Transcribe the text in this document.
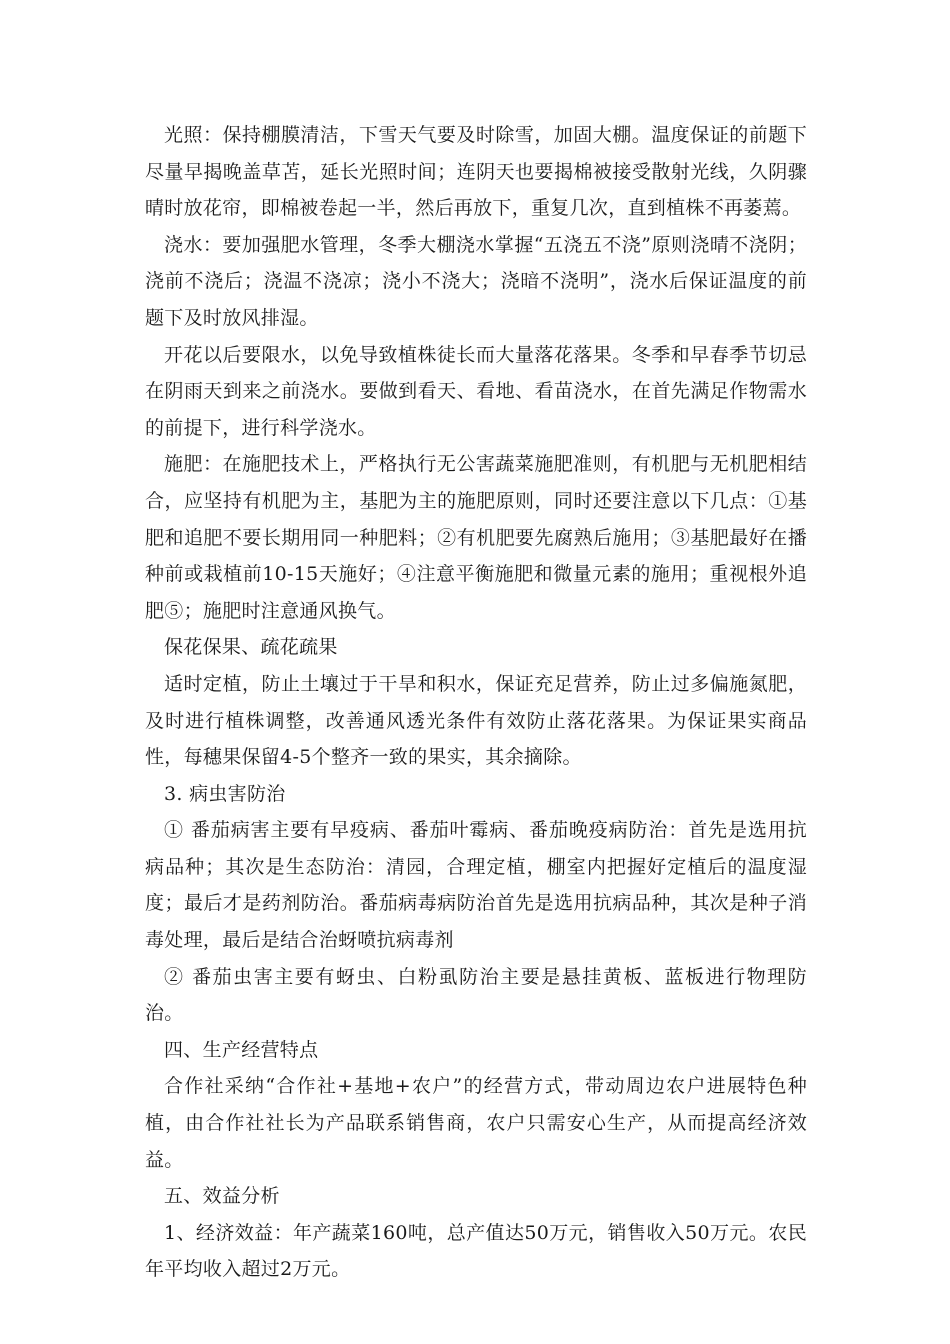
光照：保持棚膜清洁，下雪天气要及时除雪，加固大棚。温度保证的前题下尽量早揭晚盖草苫，延长光照时间；连阴天也要揭棉被接受散射光线，久阴骤晴时放花帘，即棉被卷起一半，然后再放下，重复几次，直到植株不再萎蔫。

浇水：要加强肥水管理，冬季大棚浇水掌握“五浇五不浇”原则浇晴不浇阴；浇前不浇后；浇温不浇凉；浇小不浇大；浇暗不浇明”，浇水后保证温度的前题下及时放风排湿。

开花以后要限水，以免导致植株徒长而大量落花落果。冬季和早春季节切忌在阴雨天到来之前浇水。要做到看天、看地、看苗浇水，在首先满足作物需水的前提下，进行科学浇水。

施肥：在施肥技术上，严格执行无公害蔬菜施肥准则，有机肥与无机肥相结合，应坚持有机肥为主，基肥为主的施肥原则，同时还要注意以下几点：①基肥和追肥不要长期用同一种肥料；②有机肥要先腐熟后施用；③基肥最好在播种前或栽植前10-15天施好；④注意平衡施肥和微量元素的施用；重视根外追肥⑤；施肥时注意通风换气。

保花保果、疏花疏果

适时定植，防止土壤过于干旱和积水，保证充足营养，防止过多偏施氮肥，及时进行植株调整，改善通风透光条件有效防止落花落果。为保证果实商品性，每穗果保留4-5个整齐一致的果实，其余摘除。

3. 病虫害防治

① 番茄病害主要有早疫病、番茄叶霉病、番茄晚疫病防治：首先是选用抗病品种；其次是生态防治：清园，合理定植，棚室内把握好定植后的温度湿度；最后才是药剂防治。番茄病毒病防治首先是选用抗病品种，其次是种子消毒处理，最后是结合治蚜喷抗病毒剂

② 番茄虫害主要有蚜虫、白粉虱防治主要是悬挂黄板、蓝板进行物理防治。

四、生产经营特点

合作社采纳“合作社+基地+农户”的经营方式，带动周边农户进展特色种植，由合作社社长为产品联系销售商，农户只需安心生产，从而提高经济效益。

五、效益分析

1、经济效益：年产蔬菜160吨，总产值达50万元，销售收入50万元。农民年平均收入超过2万元。
